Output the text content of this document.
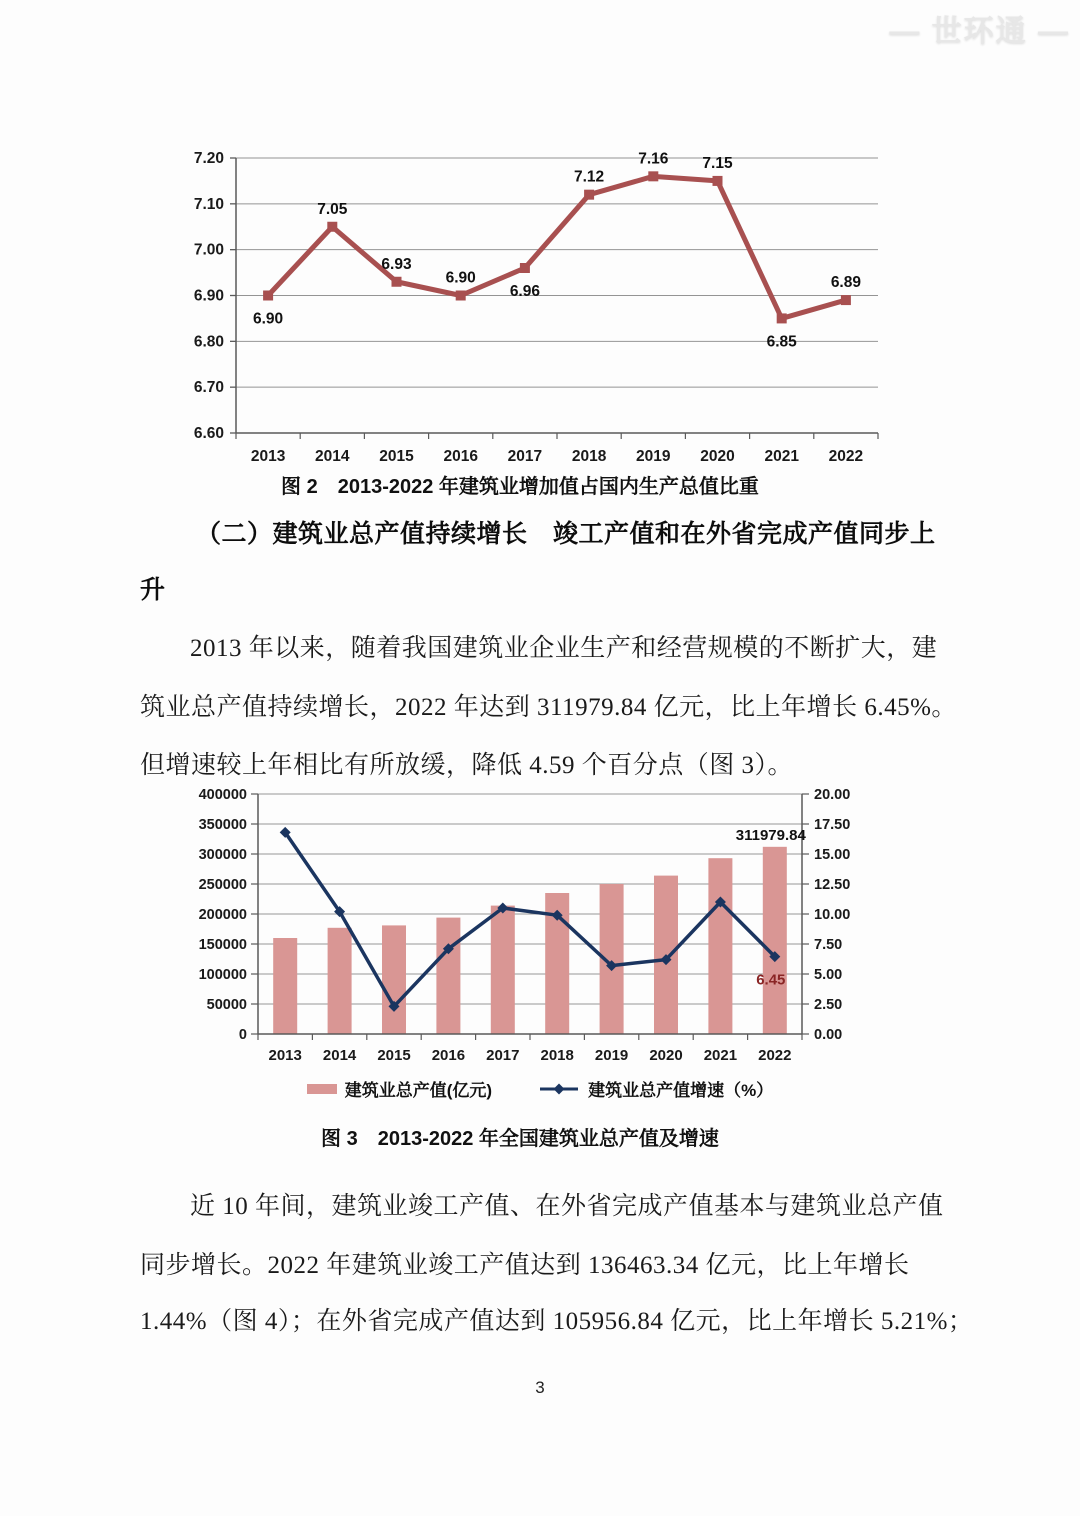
— 世环通 —
6.60
6.70
6.80
6.90
7.00
7.10
7.20
2013 2014 2015 2016 2017 2018 2019 2020 2021 2022
6.90
7.05
6.93
6.90
6.96
7.12
7.16 7.15
6.85
6.89
图 2　2013-2022 年建筑业增加值占国内生产总值比重
（二）建筑业总产值持续增长　竣工产值和在外省完成产值同步上
升
2013 年以来，随着我国建筑业企业生产和经营规模的不断扩大，建
筑业总产值持续增长，2022 年达到 311979.84 亿元，比上年增长 6.45%。
但增速较上年相比有所放缓，降低 4.59 个百分点（图 3）。
0
50000
100000
150000
200000
250000
300000
350000
400000
0.00
2.50
5.00
7.50
10.00
12.50
15.00
17.50
20.00
2013 2014 2015 2016 2017 2018 2019 2020 2021 2022
311979.84
6.45
建筑业总产值(亿元)	建筑业总产值增速（%）
图 3　2013-2022 年全国建筑业总产值及增速
近 10 年间，建筑业竣工产值、在外省完成产值基本与建筑业总产值
同步增长。2022 年建筑业竣工产值达到 136463.34 亿元，比上年增长
1.44%（图 4）；在外省完成产值达到 105956.84 亿元，比上年增长 5.21%；
3
